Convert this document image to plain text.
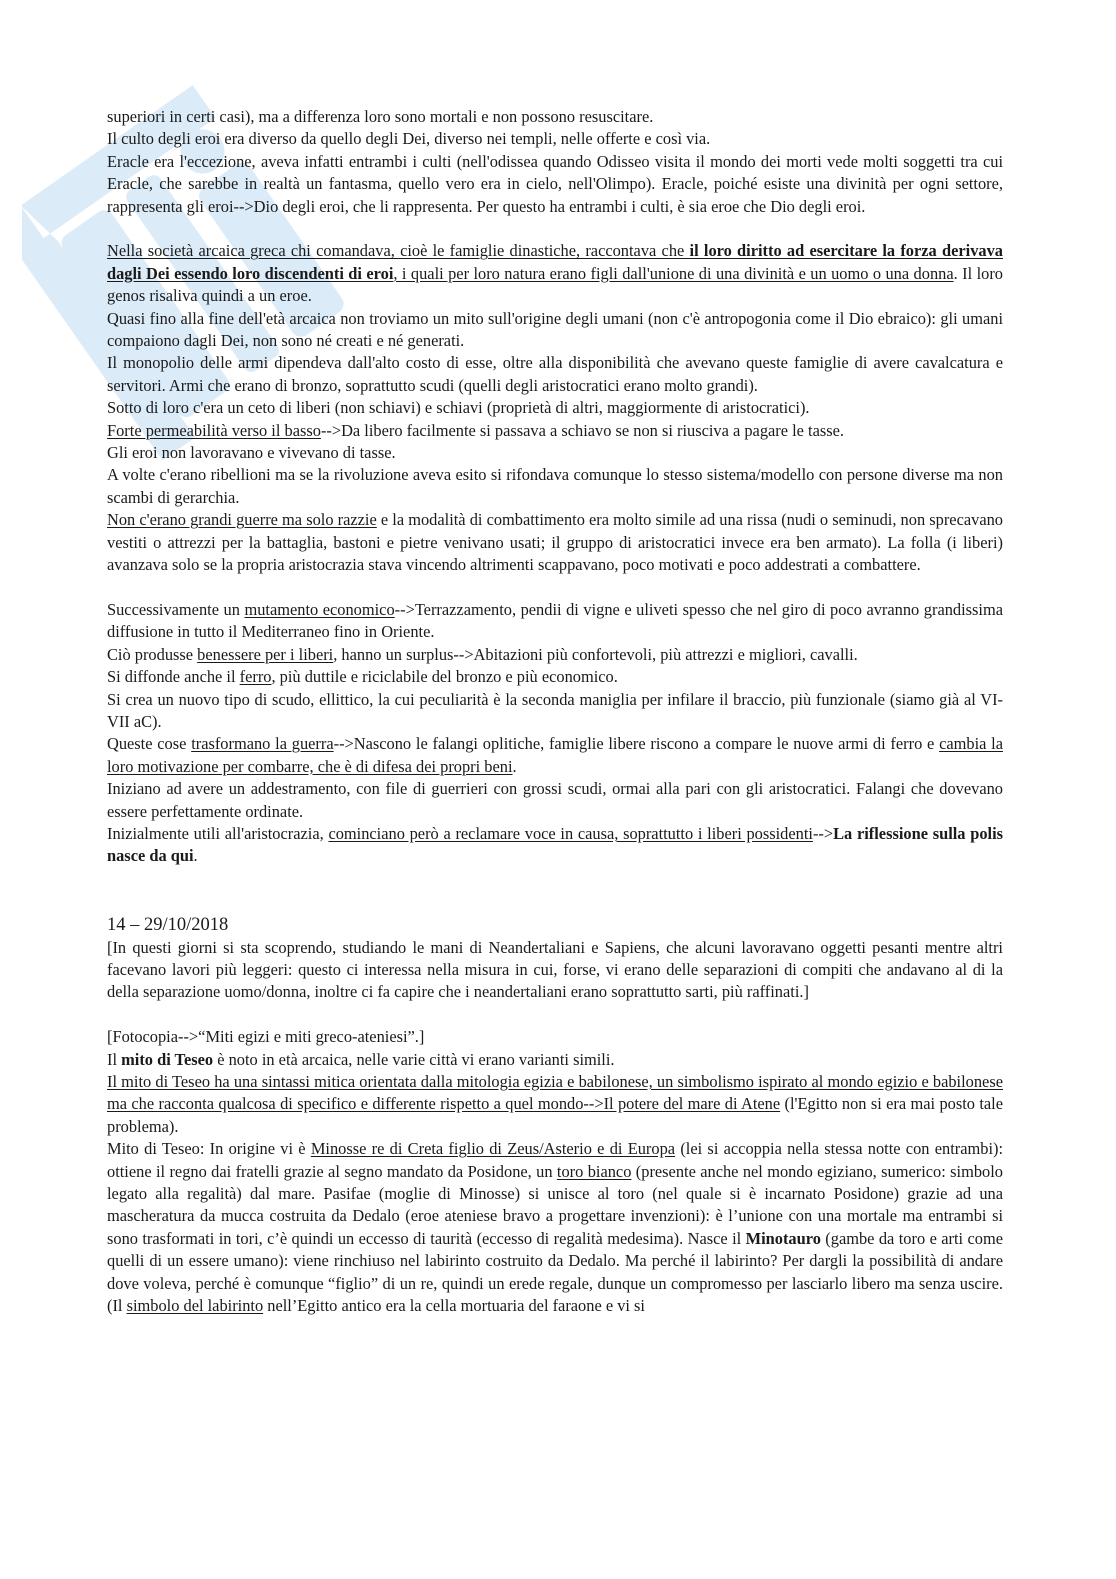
superiori in certi casi), ma a differenza loro sono mortali e non possono resuscitare.

Il culto degli eroi era diverso da quello degli Dei, diverso nei templi, nelle offerte e così via.

Eracle era l'eccezione, aveva infatti entrambi i culti (nell'odissea quando Odisseo visita il mondo dei morti vede molti soggetti tra cui Eracle, che sarebbe in realtà un fantasma, quello vero era in cielo, nell'Olimpo). Eracle, poiché esiste una divinità per ogni settore, rappresenta gli eroi-->Dio degli eroi, che li rappresenta. Per questo ha entrambi i culti, è sia eroe che Dio degli eroi.

Nella società arcaica greca chi comandava, cioè le famiglie dinastiche, raccontava che il loro diritto ad esercitare la forza derivava dagli Dei essendo loro discendenti di eroi, i quali per loro natura erano figli dall'unione di una divinità e un uomo o una donna. Il loro genos risaliva quindi a un eroe.

Quasi fino alla fine dell'età arcaica non troviamo un mito sull'origine degli umani (non c'è antropogonia come il Dio ebraico): gli umani compaiono dagli Dei, non sono né creati e né generati.

Il monopolio delle armi dipendeva dall'alto costo di esse, oltre alla disponibilità che avevano queste famiglie di avere cavalcatura e servitori. Armi che erano di bronzo, soprattutto scudi (quelli degli aristocratici erano molto grandi).

Sotto di loro c'era un ceto di liberi (non schiavi) e schiavi (proprietà di altri, maggiormente di aristocratici).

Forte permeabilità verso il basso-->Da libero facilmente si passava a schiavo se non si riusciva a pagare le tasse.

Gli eroi non lavoravano e vivevano di tasse.

A volte c'erano ribellioni ma se la rivoluzione aveva esito si rifondava comunque lo stesso sistema/modello con persone diverse ma non scambi di gerarchia.

Non c'erano grandi guerre ma solo razzie e la modalità di combattimento era molto simile ad una rissa (nudi o seminudi, non sprecavano vestiti o attrezzi per la battaglia, bastoni e pietre venivano usati; il gruppo di aristocratici invece era ben armato). La folla (i liberi) avanzava solo se la propria aristocrazia stava vincendo altrimenti scappavano, poco motivati e poco addestrati a combattere.

Successivamente un mutamento economico-->Terrazzamento, pendii di vigne e uliveti spesso che nel giro di poco avranno grandissima diffusione in tutto il Mediterraneo fino in Oriente.

Ciò produsse benessere per i liberi, hanno un surplus-->Abitazioni più confortevoli, più attrezzi e migliori, cavalli.

Si diffonde anche il ferro, più duttile e riciclabile del bronzo e più economico.

Si crea un nuovo tipo di scudo, ellittico, la cui peculiarità è la seconda maniglia per infilare il braccio, più funzionale (siamo già al VI-VII aC).

Queste cose trasformano la guerra-->Nascono le falangi oplitiche, famiglie libere riscono a compare le nuove armi di ferro e cambia la loro motivazione per combarre, che è di difesa dei propri beni.

Iniziano ad avere un addestramento, con file di guerrieri con grossi scudi, ormai alla pari con gli aristocratici. Falangi che dovevano essere perfettamente ordinate.

Inizialmente utili all'aristocrazia, cominciano però a reclamare voce in causa, soprattutto i liberi possidenti-->La riflessione sulla polis nasce da qui.

14 – 29/10/2018

[In questi giorni si sta scoprendo, studiando le mani di Neandertaliani e Sapiens, che alcuni lavoravano oggetti pesanti mentre altri facevano lavori più leggeri: questo ci interessa nella misura in cui, forse, vi erano delle separazioni di compiti che andavano al di la della separazione uomo/donna, inoltre ci fa capire che i neandertaliani erano soprattutto sarti, più raffinati.]

[Fotocopia-->“Miti egizi e miti greco-ateniesi”.]

Il mito di Teseo è noto in età arcaica, nelle varie città vi erano varianti simili.

Il mito di Teseo ha una sintassi mitica orientata dalla mitologia egizia e babilonese, un simbolismo ispirato al mondo egizio e babilonese ma che racconta qualcosa di specifico e differente rispetto a quel mondo-->Il potere del mare di Atene (l'Egitto non si era mai posto tale problema).

Mito di Teseo: In origine vi è Minosse re di Creta figlio di Zeus/Asterio e di Europa (lei si accoppia nella stessa notte con entrambi): ottiene il regno dai fratelli grazie al segno mandato da Posidone, un toro bianco (presente anche nel mondo egiziano, sumerico: simbolo legato alla regalità) dal mare. Pasifae (moglie di Minosse) si unisce al toro (nel quale si è incarnato Posidone) grazie ad una mascheratura da mucca costruita da Dedalo (eroe ateniese bravo a progettare invenzioni): è l’unione con una mortale ma entrambi si sono trasformati in tori, c’è quindi un eccesso di taurità (eccesso di regalità medesima). Nasce il Minotauro (gambe da toro e arti come quelli di un essere umano): viene rinchiuso nel labirinto costruito da Dedalo. Ma perché il labirinto? Per dargli la possibilità di andare dove voleva, perché è comunque “figlio” di un re, quindi un erede regale, dunque un compromesso per lasciarlo libero ma senza uscire. (Il simbolo del labirinto nell’Egitto antico era la cella mortuaria del faraone e vi si
